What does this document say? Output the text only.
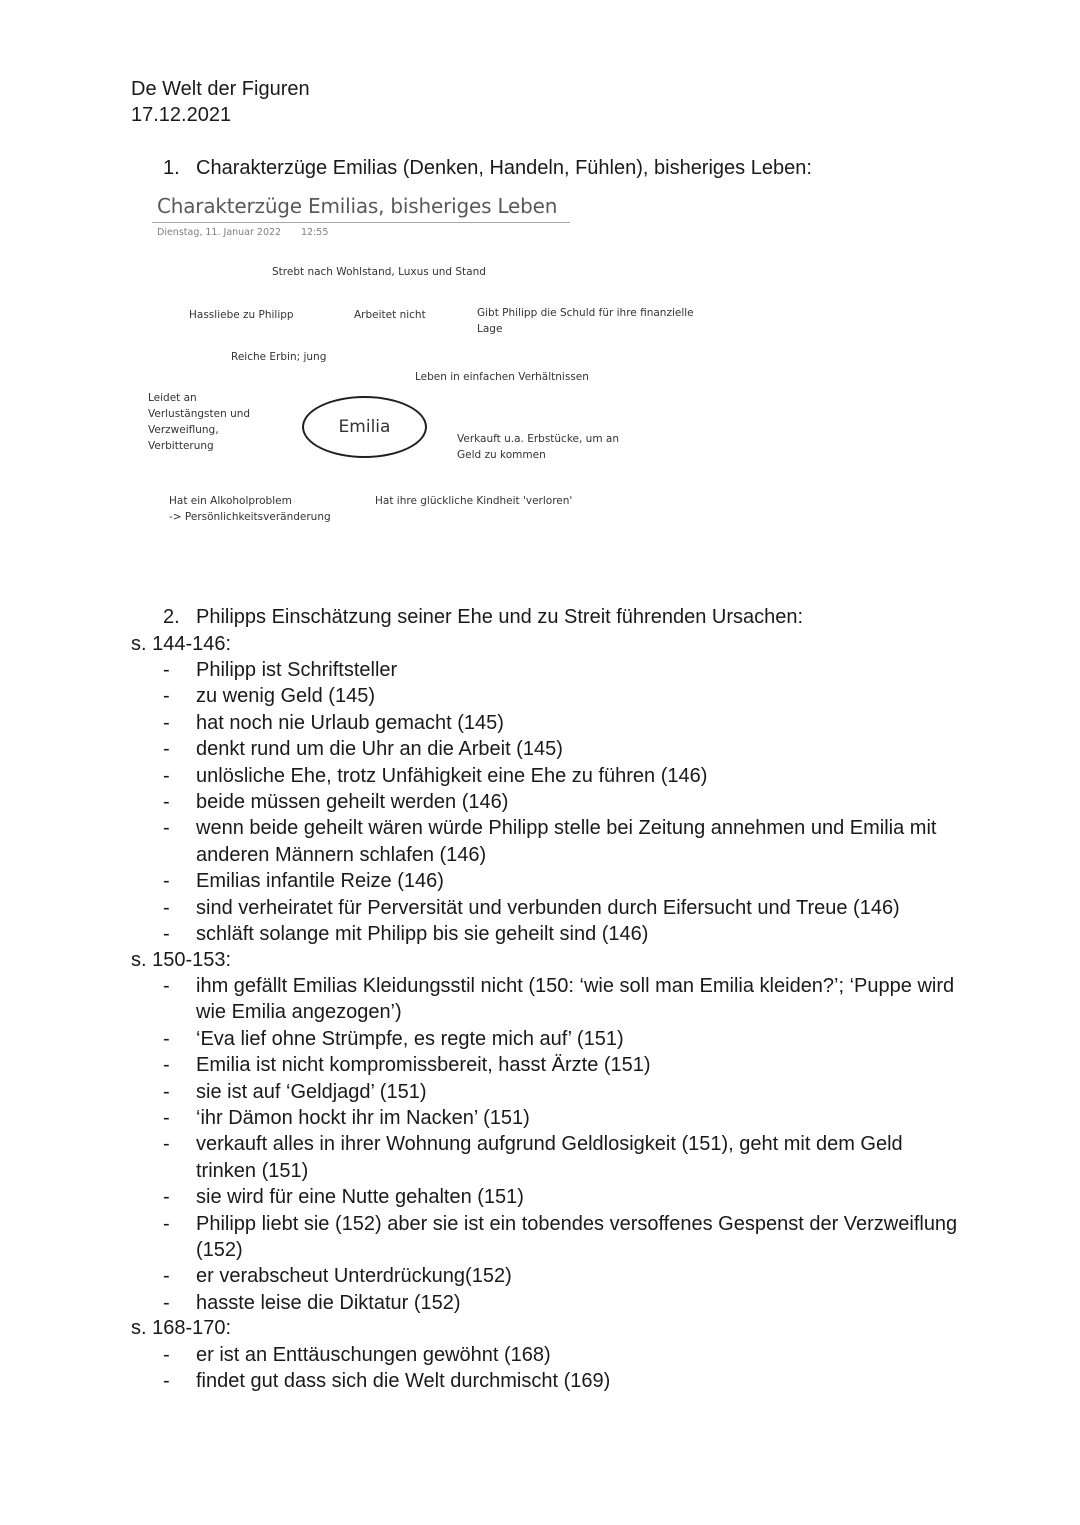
De Welt der Figuren
17.12.2021
1. Charakterzüge Emilias (Denken, Handeln, Fühlen), bisheriges Leben:
Charakterzüge Emilias, bisheriges Leben
Dienstag, 11. Januar 2022 12:55
Strebt nach Wohlstand, Luxus und Stand
Hassliebe zu Philipp	Arbeitet nicht	Gibt Philipp die Schuld für ihre finanzielle
Lage
Reiche Erbin; jung
Leben in einfachen Verhältnissen
Leidet an
Verlustängsten und
Verzweiflung,
Verbitterung
Emilia
Verkauft u.a. Erbstücke, um an
Geld zu kommen
Hat ein Alkoholproblem
-> Persönlichkeitsveränderung
Hat ihre glückliche Kindheit 'verloren'
2. Philipps Einschätzung seiner Ehe und zu Streit führenden Ursachen:
s. 144-146:
- Philipp ist Schriftsteller
- zu wenig Geld (145)
- hat noch nie Urlaub gemacht (145)
- denkt rund um die Uhr an die Arbeit (145)
- unlösliche Ehe, trotz Unfähigkeit eine Ehe zu führen (146)
- beide müssen geheilt werden (146)
- wenn beide geheilt wären würde Philipp stelle bei Zeitung annehmen und Emilia mit anderen Männern schlafen (146)
- Emilias infantile Reize (146)
- sind verheiratet für Perversität und verbunden durch Eifersucht und Treue (146)
- schläft solange mit Philipp bis sie geheilt sind (146)
s. 150-153:
- ihm gefällt Emilias Kleidungsstil nicht (150: ‘wie soll man Emilia kleiden?’; ‘Puppe wird wie Emilia angezogen’)
- ‘Eva lief ohne Strümpfe, es regte mich auf’ (151)
- Emilia ist nicht kompromissbereit, hasst Ärzte (151)
- sie ist auf ‘Geldjagd’ (151)
- ‘ihr Dämon hockt ihr im Nacken’ (151)
- verkauft alles in ihrer Wohnung aufgrund Geldlosigkeit (151), geht mit dem Geld trinken (151)
- sie wird für eine Nutte gehalten (151)
- Philipp liebt sie (152) aber sie ist ein tobendes versoffenes Gespenst der Verzweiflung (152)
- er verabscheut Unterdrückung(152)
- hasste leise die Diktatur (152)
s. 168-170:
- er ist an Enttäuschungen gewöhnt (168)
- findet gut dass sich die Welt durchmischt (169)
